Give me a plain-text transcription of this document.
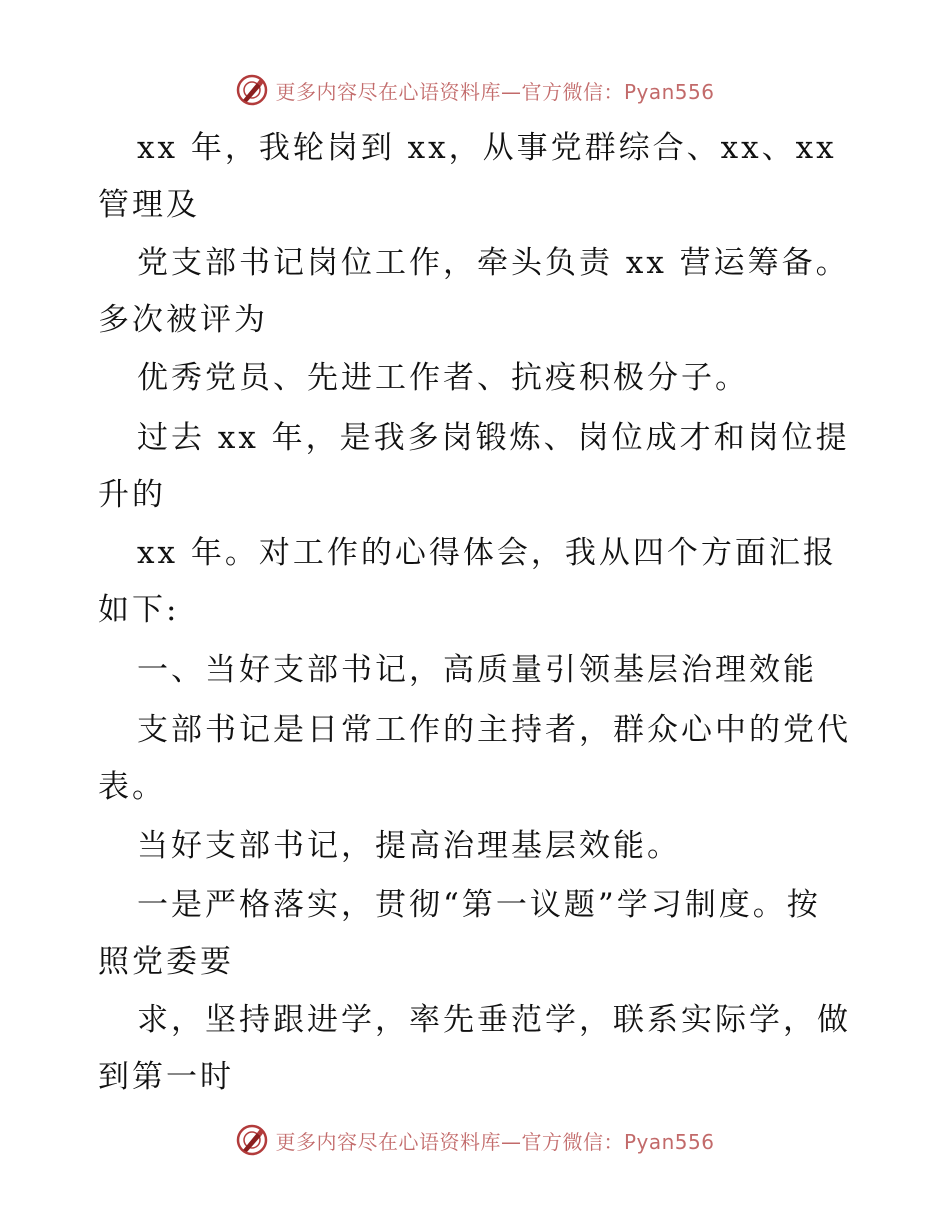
更多内容尽在心语资料库—官方微信：Pyan556
xx 年，我轮岗到 xx，从事党群综合、xx、xx
管理及
党支部书记岗位工作，牵头负责 xx 营运筹备。
多次被评为
优秀党员、先进工作者、抗疫积极分子。
过去 xx 年，是我多岗锻炼、岗位成才和岗位提
升的
xx 年。对工作的心得体会，我从四个方面汇报
如下:
一、当好支部书记，高质量引领基层治理效能
支部书记是日常工作的主持者，群众心中的党代
表。
当好支部书记，提高治理基层效能。
一是严格落实，贯彻“第一议题”学习制度。按
照党委要
求，坚持跟进学，率先垂范学，联系实际学，做
到第一时
更多内容尽在心语资料库—官方微信：Pyan556
